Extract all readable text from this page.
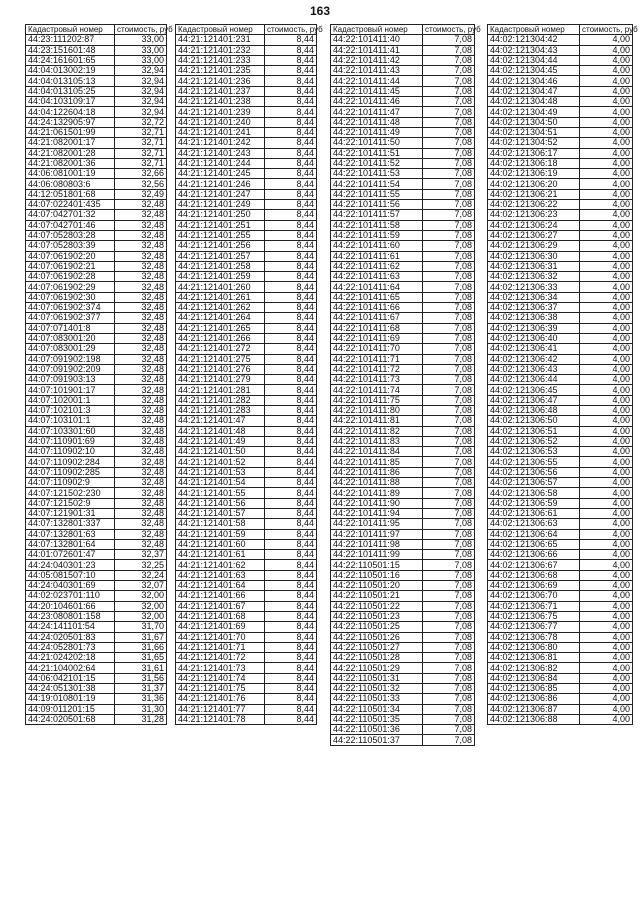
163
Кадастровый номер	стоимость, руб
44:23:111202:87	33,00
44:23:151601:48	33,00
44:24:161601:65	33,00
44:04:013002:19	32,94
44:04:013105:13	32,94
44:04:013105:25	32,94
44:04:103109:17	32,94
44:04:122604:18	32,94
44:24:132905:97	32,72
44:21:061501:99	32,71
44:21:082001:17	32,71
44:21:082001:28	32,71
44:21:082001:36	32,71
44:06:081001:19	32,66
44:06:080803:6	32,56
44:12:051801:68	32,49
44:07:022401:435	32,48
44:07:042701:32	32,48
44:07:042701:46	32,48
44:07:052803:28	32,48
44:07:052803:39	32,48
44:07:061902:20	32,48
44:07:061902:21	32,48
44:07:061902:28	32,48
44:07:061902:29	32,48
44:07:061902:30	32,48
44:07:061902:374	32,48
44:07:061902:377	32,48
44:07:071401:8	32,48
44:07:083001:20	32,48
44:07:083001:29	32,48
44:07:091902:198	32,48
44:07:091902:209	32,48
44:07:091903:13	32,48
44:07:101901:17	32,48
44:07:102001:1	32,48
44:07:102101:3	32,48
44:07:103101:1	32,48
44:07:103301:60	32,48
44:07:110901:69	32,48
44:07:110902:10	32,48
44:07:110902:284	32,48
44:07:110902:285	32,48
44:07:110902:9	32,48
44:07:121502:230	32,48
44:07:121502:9	32,48
44:07:121901:31	32,48
44:07:132801:337	32,48
44:07:132801:63	32,48
44:07:132801:64	32,48
44:01:072601:47	32,37
44:24:040301:23	32,25
44:05:081507:10	32,24
44:24:040301:69	32,07
44:02:023701:110	32,00
44:20:104601:66	32,00
44:23:080801:158	32,00
44:24:141101:54	31,70
44:24:020501:83	31,67
44:24:052801:73	31,66
44:21:024202:18	31,65
44:21:104002:64	31,61
44:06:042101:15	31,56
44:24:051301:38	31,37
44:19:010801:19	31,36
44:09:011201:15	31,30
44:24:020501:68	31,28
Кадастровый номер	стоимость, руб
44:21:121401:231	8,44
44:21:121401:232	8,44
44:21:121401:233	8,44
44:21:121401:235	8,44
44:21:121401:236	8,44
44:21:121401:237	8,44
44:21:121401:238	8,44
44:21:121401:239	8,44
44:21:121401:240	8,44
44:21:121401:241	8,44
44:21:121401:242	8,44
44:21:121401:243	8,44
44:21:121401:244	8,44
44:21:121401:245	8,44
44:21:121401:246	8,44
44:21:121401:247	8,44
44:21:121401:249	8,44
44:21:121401:250	8,44
44:21:121401:251	8,44
44:21:121401:255	8,44
44:21:121401:256	8,44
44:21:121401:257	8,44
44:21:121401:258	8,44
44:21:121401:259	8,44
44:21:121401:260	8,44
44:21:121401:261	8,44
44:21:121401:262	8,44
44:21:121401:264	8,44
44:21:121401:265	8,44
44:21:121401:266	8,44
44:21:121401:272	8,44
44:21:121401:275	8,44
44:21:121401:276	8,44
44:21:121401:279	8,44
44:21:121401:281	8,44
44:21:121401:282	8,44
44:21:121401:283	8,44
44:21:121401:47	8,44
44:21:121401:48	8,44
44:21:121401:49	8,44
44:21:121401:50	8,44
44:21:121401:52	8,44
44:21:121401:53	8,44
44:21:121401:54	8,44
44:21:121401:55	8,44
44:21:121401:56	8,44
44:21:121401:57	8,44
44:21:121401:58	8,44
44:21:121401:59	8,44
44:21:121401:60	8,44
44:21:121401:61	8,44
44:21:121401:62	8,44
44:21:121401:63	8,44
44:21:121401:64	8,44
44:21:121401:66	8,44
44:21:121401:67	8,44
44:21:121401:68	8,44
44:21:121401:69	8,44
44:21:121401:70	8,44
44:21:121401:71	8,44
44:21:121401:72	8,44
44:21:121401:73	8,44
44:21:121401:74	8,44
44:21:121401:75	8,44
44:21:121401:76	8,44
44:21:121401:77	8,44
44:21:121401:78	8,44
Кадастровый номер	стоимость, руб
44:22:101411:40	7,08
44:22:101411:41	7,08
44:22:101411:42	7,08
44:22:101411:43	7,08
44:22:101411:44	7,08
44:22:101411:45	7,08
44:22:101411:46	7,08
44:22:101411:47	7,08
44:22:101411:48	7,08
44:22:101411:49	7,08
44:22:101411:50	7,08
44:22:101411:51	7,08
44:22:101411:52	7,08
44:22:101411:53	7,08
44:22:101411:54	7,08
44:22:101411:55	7,08
44:22:101411:56	7,08
44:22:101411:57	7,08
44:22:101411:58	7,08
44:22:101411:59	7,08
44:22:101411:60	7,08
44:22:101411:61	7,08
44:22:101411:62	7,08
44:22:101411:63	7,08
44:22:101411:64	7,08
44:22:101411:65	7,08
44:22:101411:66	7,08
44:22:101411:67	7,08
44:22:101411:68	7,08
44:22:101411:69	7,08
44:22:101411:70	7,08
44:22:101411:71	7,08
44:22:101411:72	7,08
44:22:101411:73	7,08
44:22:101411:74	7,08
44:22:101411:75	7,08
44:22:101411:80	7,08
44:22:101411:81	7,08
44:22:101411:82	7,08
44:22:101411:83	7,08
44:22:101411:84	7,08
44:22:101411:85	7,08
44:22:101411:86	7,08
44:22:101411:88	7,08
44:22:101411:89	7,08
44:22:101411:90	7,08
44:22:101411:94	7,08
44:22:101411:95	7,08
44:22:101411:97	7,08
44:22:101411:98	7,08
44:22:101411:99	7,08
44:22:110501:15	7,08
44:22:110501:16	7,08
44:22:110501:20	7,08
44:22:110501:21	7,08
44:22:110501:22	7,08
44:22:110501:23	7,08
44:22:110501:25	7,08
44:22:110501:26	7,08
44:22:110501:27	7,08
44:22:110501:28	7,08
44:22:110501:29	7,08
44:22:110501:31	7,08
44:22:110501:32	7,08
44:22:110501:33	7,08
44:22:110501:34	7,08
44:22:110501:35	7,08
44:22:110501:36	7,08
44:22:110501:37	7,08
Кадастровый номер	стоимость, руб
44:02:121304:42	4,00
44:02:121304:43	4,00
44:02:121304:44	4,00
44:02:121304:45	4,00
44:02:121304:46	4,00
44:02:121304:47	4,00
44:02:121304:48	4,00
44:02:121304:49	4,00
44:02:121304:50	4,00
44:02:121304:51	4,00
44:02:121304:52	4,00
44:02:121306:17	4,00
44:02:121306:18	4,00
44:02:121306:19	4,00
44:02:121306:20	4,00
44:02:121306:21	4,00
44:02:121306:22	4,00
44:02:121306:23	4,00
44:02:121306:24	4,00
44:02:121306:27	4,00
44:02:121306:29	4,00
44:02:121306:30	4,00
44:02:121306:31	4,00
44:02:121306:32	4,00
44:02:121306:33	4,00
44:02:121306:34	4,00
44:02:121306:37	4,00
44:02:121306:38	4,00
44:02:121306:39	4,00
44:02:121306:40	4,00
44:02:121306:41	4,00
44:02:121306:42	4,00
44:02:121306:43	4,00
44:02:121306:44	4,00
44:02:121306:45	4,00
44:02:121306:47	4,00
44:02:121306:48	4,00
44:02:121306:50	4,00
44:02:121306:51	4,00
44:02:121306:52	4,00
44:02:121306:53	4,00
44:02:121306:55	4,00
44:02:121306:56	4,00
44:02:121306:57	4,00
44:02:121306:58	4,00
44:02:121306:59	4,00
44:02:121306:61	4,00
44:02:121306:63	4,00
44:02:121306:64	4,00
44:02:121306:65	4,00
44:02:121306:66	4,00
44:02:121306:67	4,00
44:02:121306:68	4,00
44:02:121306:69	4,00
44:02:121306:70	4,00
44:02:121306:71	4,00
44:02:121306:75	4,00
44:02:121306:77	4,00
44:02:121306:78	4,00
44:02:121306:80	4,00
44:02:121306:81	4,00
44:02:121306:82	4,00
44:02:121306:84	4,00
44:02:121306:85	4,00
44:02:121306:86	4,00
44:02:121306:87	4,00
44:02:121306:88	4,00
